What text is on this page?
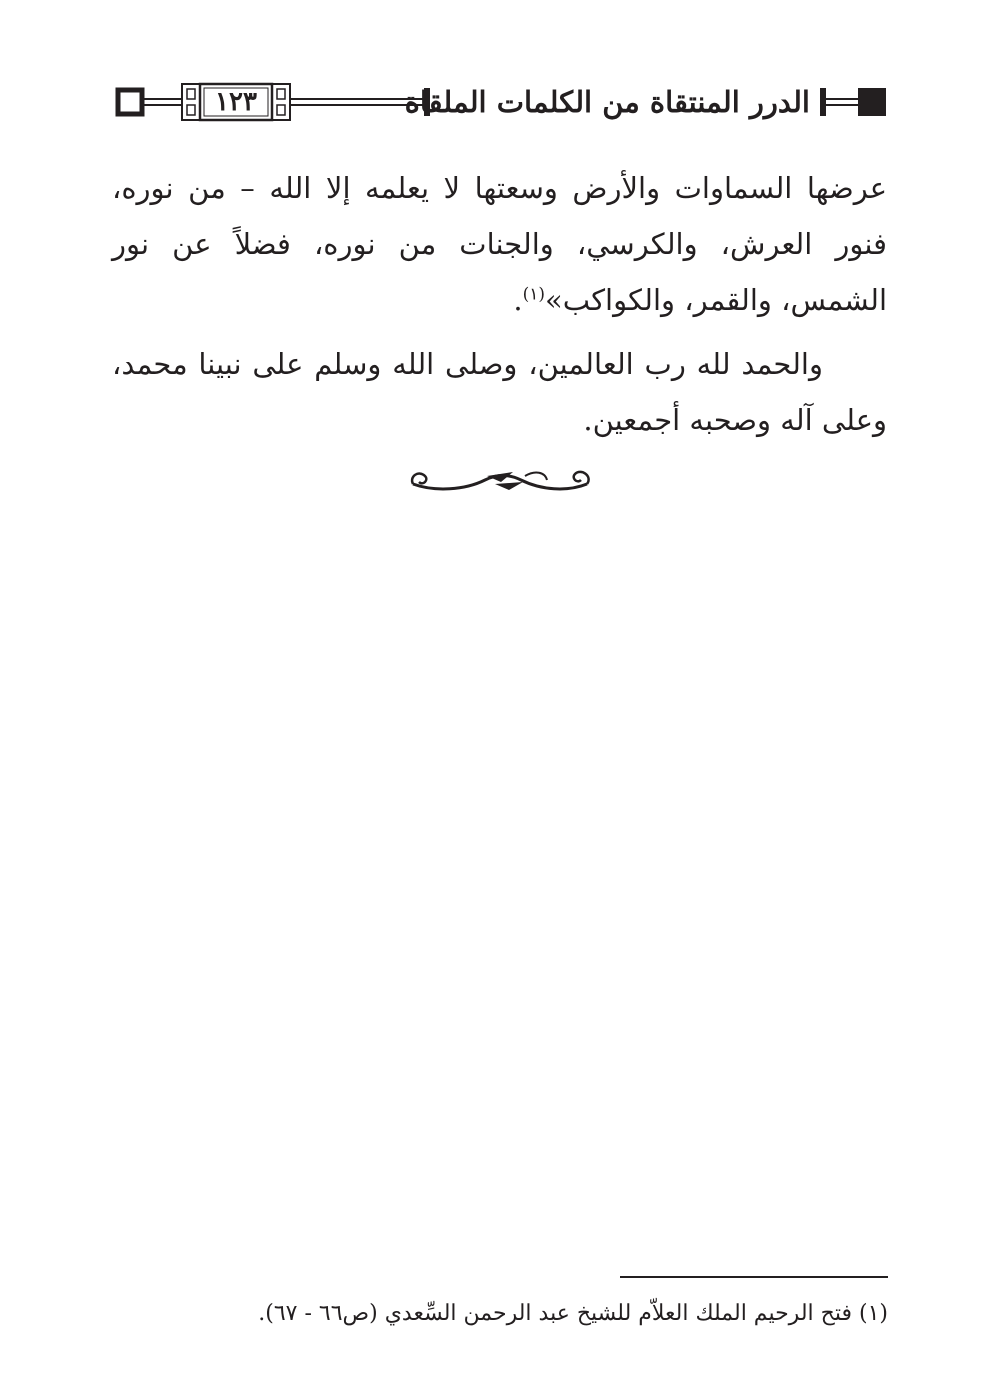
١٢٣	الدرر المنتقاة من الكلمات الملقاة

عرضها السماوات والأرض وسعتها لا يعلمه إلا الله – من نوره، فنور العرش، والكرسي، والجنات من نوره، فضلاً عن نور الشمس، والقمر، والكواكب»$^{(١)}$.

والحمد لله رب العالمين، وصلى الله وسلم على نبينا محمد، وعلى آله وصحبه أجمعين.

(١) فتح الرحيم الملك العلاّم للشيخ عبد الرحمن السِّعدي (ص٦٦ - ٦٧).
